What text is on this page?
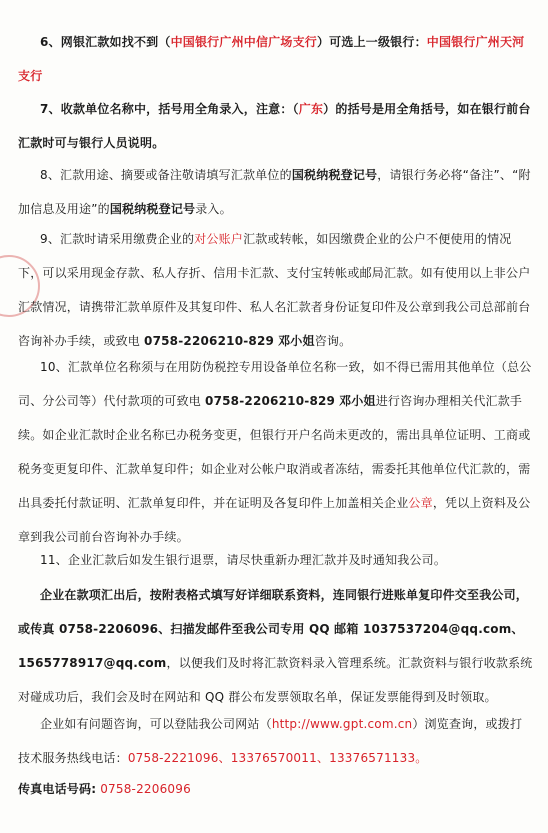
6、网银汇款如找不到（中国银行广州中信广场支行）可选上一级银行：中国银行广州天河支行

7、收款单位名称中，括号用全角录入，注意：（广东）的括号是用全角括号，如在银行前台汇款时可与银行人员说明。

8、汇款用途、摘要或备注敬请填写汇款单位的国税纳税登记号，请银行务必将“备注”、“附加信息及用途”的国税纳税登记号录入。

9、汇款时请采用缴费企业的对公账户汇款或转帐，如因缴费企业的公户不便使用的情况下，可以采用现金存款、私人存折、信用卡汇款、支付宝转帐或邮局汇款。如有使用以上非公户汇款情况，请携带汇款单原件及其复印件、私人名汇款者身份证复印件及公章到我公司总部前台咨询补办手续，或致电 0758-2206210-829 邓小姐咨询。

10、汇款单位名称须与在用防伪税控专用设备单位名称一致，如不得已需用其他单位（总公司、分公司等）代付款项的可致电 0758-2206210-829 邓小姐进行咨询办理相关代汇款手续。如企业汇款时企业名称已办税务变更，但银行开户名尚未更改的，需出具单位证明、工商或税务变更复印件、汇款单复印件；如企业对公帐户取消或者冻结，需委托其他单位代汇款的，需出具委托付款证明、汇款单复印件，并在证明及各复印件上加盖相关企业公章，凭以上资料及公章到我公司前台咨询补办手续。

11、企业汇款后如发生银行退票，请尽快重新办理汇款并及时通知我公司。

企业在款项汇出后，按附表格式填写好详细联系资料，连同银行进账单复印件交至我公司，或传真 0758-2206096、扫描发邮件至我公司专用 QQ 邮箱 1037537204@qq.com、1565778917@qq.com，以便我们及时将汇款资料录入管理系统。汇款资料与银行收款系统对碰成功后，我们会及时在网站和 QQ 群公布发票领取名单，保证发票能得到及时领取。

企业如有问题咨询，可以登陆我公司网站（http://www.gpt.com.cn）浏览查询，或拨打技术服务热线电话：0758-2221096、13376570011、13376571133。

传真电话号码: 0758-2206096
